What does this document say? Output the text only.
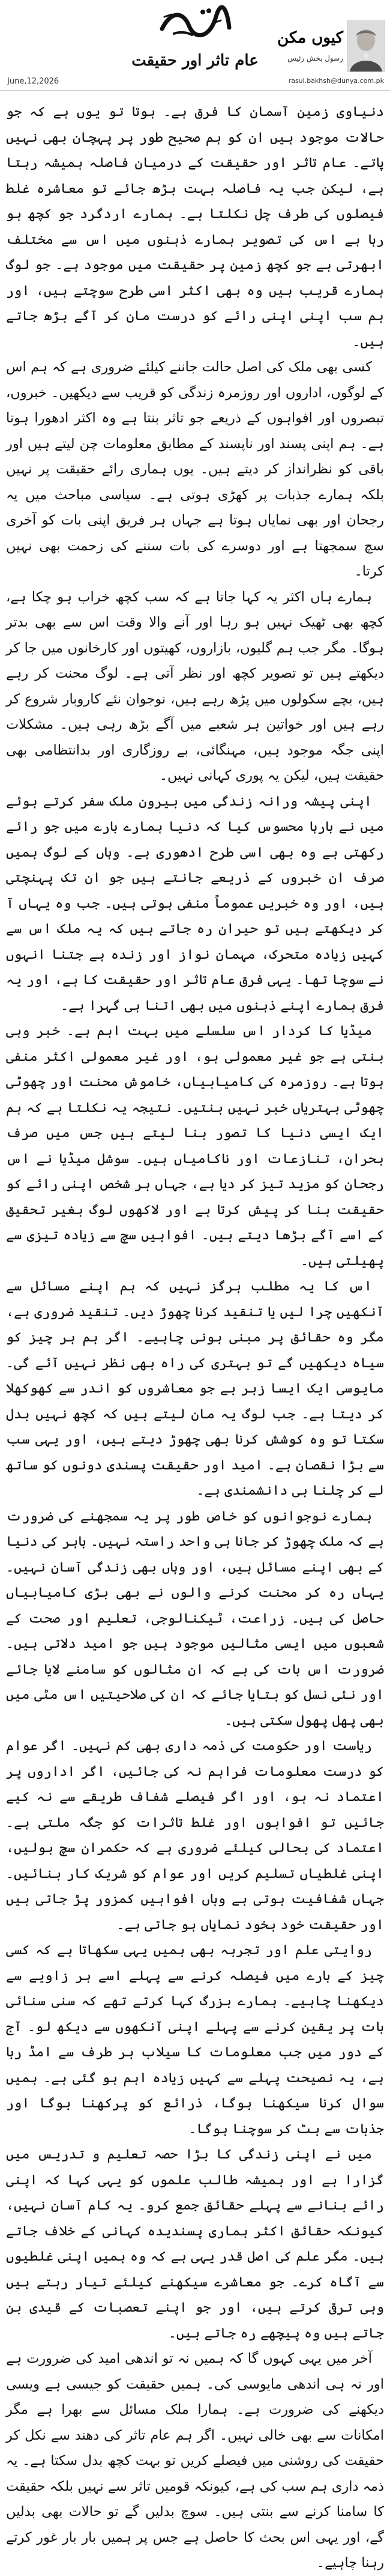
کیوں مکن
رسول بخش رئیس
عام تاثر اور حقیقت
June,12,2026	rasul.bakhsh@dunya.com.pk

دنیاوی زمین آسمان کا فرق ہے۔ ہوتا تو یوں ہے کہ جو حالات موجود ہیں ان کو ہم صحیح طور پر پہچان بھی نہیں پاتے۔ عام تاثر اور حقیقت کے درمیان فاصلہ ہمیشہ رہتا ہے، لیکن جب یہ فاصلہ بہت بڑھ جائے تو معاشرہ غلط فیصلوں کی طرف چل نکلتا ہے۔ ہمارے اردگرد جو کچھ ہو رہا ہے اس کی تصویر ہمارے ذہنوں میں اس سے مختلف ابھرتی ہے جو کچھ زمین پر حقیقت میں موجود ہے۔ جو لوگ ہمارے قریب ہیں وہ بھی اکثر اسی طرح سوچتے ہیں، اور ہم سب اپنی اپنی رائے کو درست مان کر آگے بڑھ جاتے ہیں۔

کسی بھی ملک کی اصل حالت جاننے کیلئے ضروری ہے کہ ہم اس کے لوگوں، اداروں اور روزمرہ زندگی کو قریب سے دیکھیں۔ خبروں، تبصروں اور افواہوں کے ذریعے جو تاثر بنتا ہے وہ اکثر ادھورا ہوتا ہے۔ ہم اپنی پسند اور ناپسند کے مطابق معلومات چن لیتے ہیں اور باقی کو نظرانداز کر دیتے ہیں۔ یوں ہماری رائے حقیقت پر نہیں بلکہ ہمارے جذبات پر کھڑی ہوتی ہے۔ سیاسی مباحث میں یہ رجحان اور بھی نمایاں ہوتا ہے جہاں ہر فریق اپنی بات کو آخری سچ سمجھتا ہے اور دوسرے کی بات سننے کی زحمت بھی نہیں کرتا۔

ہمارے ہاں اکثر یہ کہا جاتا ہے کہ سب کچھ خراب ہو چکا ہے، کچھ بھی ٹھیک نہیں ہو رہا اور آنے والا وقت اس سے بھی بدتر ہوگا۔ مگر جب ہم گلیوں، بازاروں، کھیتوں اور کارخانوں میں جا کر دیکھتے ہیں تو تصویر کچھ اور نظر آتی ہے۔ لوگ محنت کر رہے ہیں، بچے سکولوں میں پڑھ رہے ہیں، نوجوان نئے کاروبار شروع کر رہے ہیں اور خواتین ہر شعبے میں آگے بڑھ رہی ہیں۔ مشکلات اپنی جگہ موجود ہیں، مہنگائی، بے روزگاری اور بدانتظامی بھی حقیقت ہیں، لیکن یہ پوری کہانی نہیں۔

اپنی پیشہ ورانہ زندگی میں بیرون ملک سفر کرتے ہوئے میں نے بارہا محسوس کیا کہ دنیا ہمارے بارے میں جو رائے رکھتی ہے وہ بھی اسی طرح ادھوری ہے۔ وہاں کے لوگ ہمیں صرف ان خبروں کے ذریعے جانتے ہیں جو ان تک پہنچتی ہیں، اور وہ خبریں عموماً منفی ہوتی ہیں۔ جب وہ یہاں آ کر دیکھتے ہیں تو حیران رہ جاتے ہیں کہ یہ ملک اس سے کہیں زیادہ متحرک، مہمان نواز اور زندہ ہے جتنا انہوں نے سوچا تھا۔ یہی فرق عام تاثر اور حقیقت کا ہے، اور یہ فرق ہمارے اپنے ذہنوں میں بھی اتنا ہی گہرا ہے۔

میڈیا کا کردار اس سلسلے میں بہت اہم ہے۔ خبر وہی بنتی ہے جو غیر معمولی ہو، اور غیر معمولی اکثر منفی ہوتا ہے۔ روزمرہ کی کامیابیاں، خاموش محنت اور چھوٹی چھوٹی بہتریاں خبر نہیں بنتیں۔ نتیجہ یہ نکلتا ہے کہ ہم ایک ایسی دنیا کا تصور بنا لیتے ہیں جس میں صرف بحران، تنازعات اور ناکامیاں ہیں۔ سوشل میڈیا نے اس رجحان کو مزید تیز کر دیا ہے، جہاں ہر شخص اپنی رائے کو حقیقت بنا کر پیش کرتا ہے اور لاکھوں لوگ بغیر تحقیق کے اسے آگے بڑھا دیتے ہیں۔ افواہیں سچ سے زیادہ تیزی سے پھیلتی ہیں۔

اس کا یہ مطلب ہرگز نہیں کہ ہم اپنے مسائل سے آنکھیں چرا لیں یا تنقید کرنا چھوڑ دیں۔ تنقید ضروری ہے، مگر وہ حقائق پر مبنی ہونی چاہیے۔ اگر ہم ہر چیز کو سیاہ دیکھیں گے تو بہتری کی راہ بھی نظر نہیں آئے گی۔ مایوسی ایک ایسا زہر ہے جو معاشروں کو اندر سے کھوکھلا کر دیتا ہے۔ جب لوگ یہ مان لیتے ہیں کہ کچھ نہیں بدل سکتا تو وہ کوشش کرنا بھی چھوڑ دیتے ہیں، اور یہی سب سے بڑا نقصان ہے۔ امید اور حقیقت پسندی دونوں کو ساتھ لے کر چلنا ہی دانشمندی ہے۔

ہمارے نوجوانوں کو خاص طور پر یہ سمجھنے کی ضرورت ہے کہ ملک چھوڑ کر جانا ہی واحد راستہ نہیں۔ باہر کی دنیا کے بھی اپنے مسائل ہیں، اور وہاں بھی زندگی آسان نہیں۔ یہاں رہ کر محنت کرنے والوں نے بھی بڑی کامیابیاں حاصل کی ہیں۔ زراعت، ٹیکنالوجی، تعلیم اور صحت کے شعبوں میں ایسی مثالیں موجود ہیں جو امید دلاتی ہیں۔ ضرورت اس بات کی ہے کہ ان مثالوں کو سامنے لایا جائے اور نئی نسل کو بتایا جائے کہ ان کی صلاحیتیں اس مٹی میں بھی پھل پھول سکتی ہیں۔

ریاست اور حکومت کی ذمہ داری بھی کم نہیں۔ اگر عوام کو درست معلومات فراہم نہ کی جائیں، اگر اداروں پر اعتماد نہ ہو، اور اگر فیصلے شفاف طریقے سے نہ کیے جائیں تو افواہوں اور غلط تاثرات کو جگہ ملتی ہے۔ اعتماد کی بحالی کیلئے ضروری ہے کہ حکمران سچ بولیں، اپنی غلطیاں تسلیم کریں اور عوام کو شریک کار بنائیں۔ جہاں شفافیت ہوتی ہے وہاں افواہیں کمزور پڑ جاتی ہیں اور حقیقت خود بخود نمایاں ہو جاتی ہے۔

روایتی علم اور تجربہ بھی ہمیں یہی سکھاتا ہے کہ کسی چیز کے بارے میں فیصلہ کرنے سے پہلے اسے ہر زاویے سے دیکھنا چاہیے۔ ہمارے بزرگ کہا کرتے تھے کہ سنی سنائی بات پر یقین کرنے سے پہلے اپنی آنکھوں سے دیکھ لو۔ آج کے دور میں جب معلومات کا سیلاب ہر طرف سے امڈ رہا ہے، یہ نصیحت پہلے سے کہیں زیادہ اہم ہو گئی ہے۔ ہمیں سوال کرنا سیکھنا ہوگا، ذرائع کو پرکھنا ہوگا اور جذبات سے ہٹ کر سوچنا ہوگا۔

میں نے اپنی زندگی کا بڑا حصہ تعلیم و تدریس میں گزارا ہے اور ہمیشہ طالب علموں کو یہی کہا کہ اپنی رائے بنانے سے پہلے حقائق جمع کرو۔ یہ کام آسان نہیں، کیونکہ حقائق اکثر ہماری پسندیدہ کہانی کے خلاف جاتے ہیں۔ مگر علم کی اصل قدر یہی ہے کہ وہ ہمیں اپنی غلطیوں سے آگاہ کرے۔ جو معاشرے سیکھنے کیلئے تیار رہتے ہیں وہی ترقی کرتے ہیں، اور جو اپنے تعصبات کے قیدی بن جاتے ہیں وہ پیچھے رہ جاتے ہیں۔

آخر میں یہی کہوں گا کہ ہمیں نہ تو اندھی امید کی ضرورت ہے اور نہ ہی اندھی مایوسی کی۔ ہمیں حقیقت کو جیسی ہے ویسی دیکھنے کی ضرورت ہے۔ ہمارا ملک مسائل سے بھرا ہے مگر امکانات سے بھی خالی نہیں۔ اگر ہم عام تاثر کی دھند سے نکل کر حقیقت کی روشنی میں فیصلے کریں تو بہت کچھ بدل سکتا ہے۔ یہ ذمہ داری ہم سب کی ہے، کیونکہ قومیں تاثر سے نہیں بلکہ حقیقت کا سامنا کرنے سے بنتی ہیں۔ سوچ بدلیں گے تو حالات بھی بدلیں گے، اور یہی اس بحث کا حاصل ہے جس پر ہمیں بار بار غور کرتے رہنا چاہیے۔
